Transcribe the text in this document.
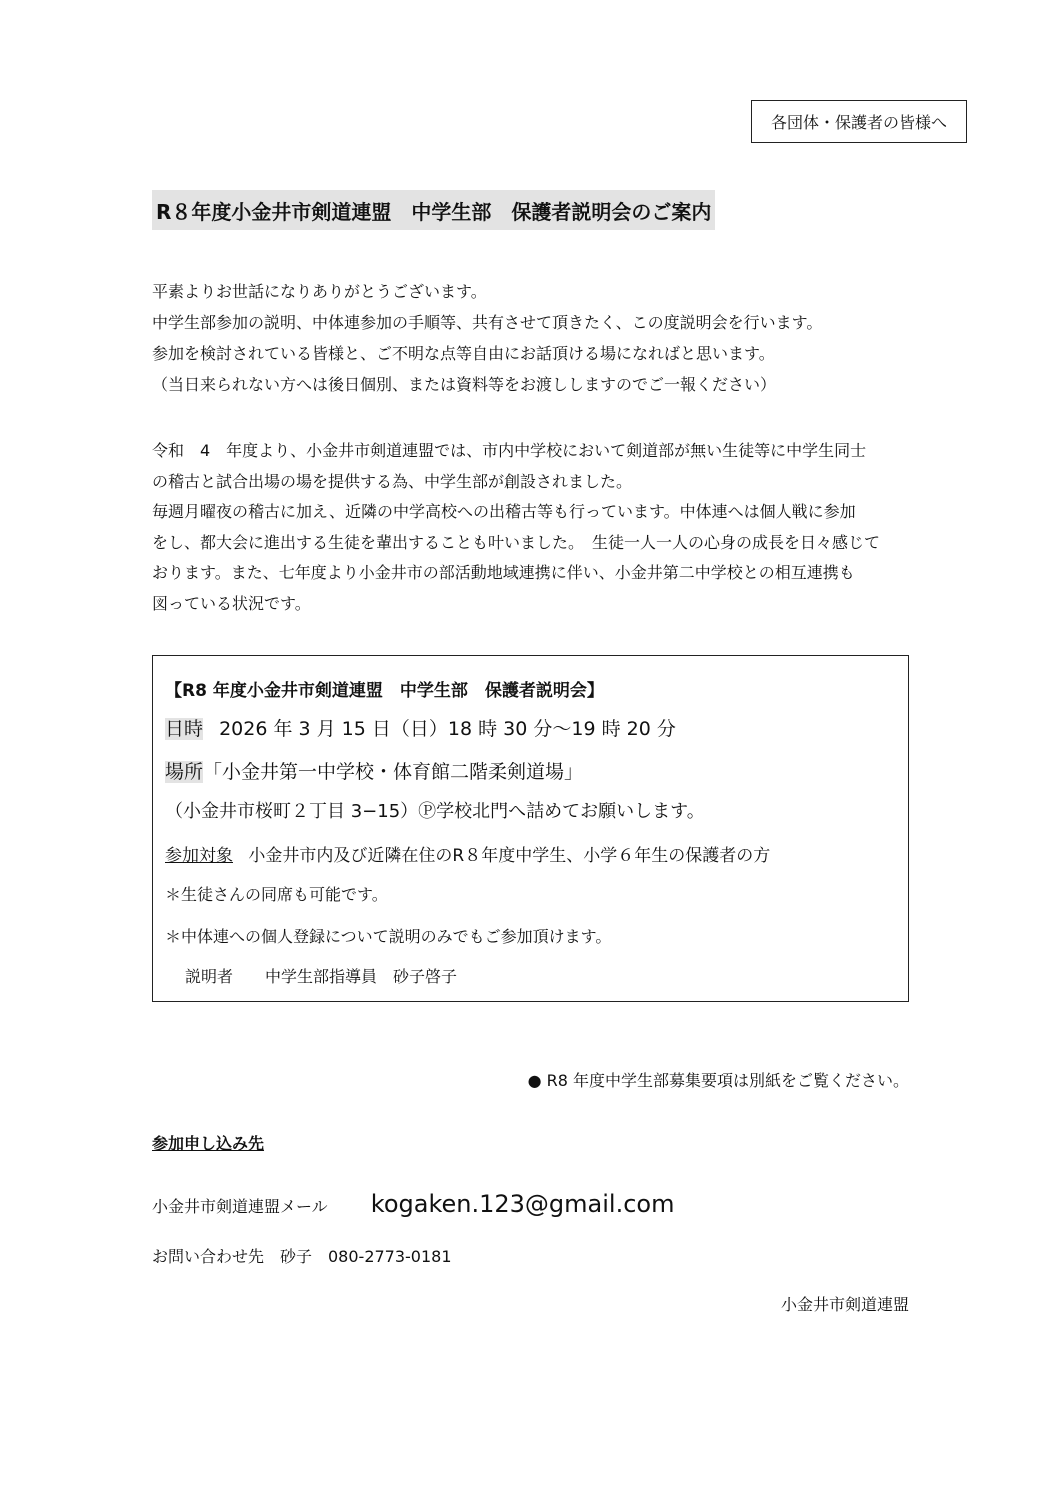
各団体・保護者の皆様へ
R８年度小金井市剣道連盟　中学生部　保護者説明会のご案内

平素よりお世話になりありがとうございます。

中学生部参加の説明、中体連参加の手順等、共有させて頂きたく、この度説明会を行います。

参加を検討されている皆様と、ご不明な点等自由にお話頂ける場になればと思います。

（当日来られない方へは後日個別、または資料等をお渡ししますのでご一報ください）

令和　4　年度より、小金井市剣道連盟では、市内中学校において剣道部が無い生徒等に中学生同士

の稽古と試合出場の場を提供する為、中学生部が創設されました。

毎週月曜夜の稽古に加え、近隣の中学高校への出稽古等も行っています。中体連へは個人戦に参加

をし、都大会に進出する生徒を輩出することも叶いました。　生徒一人一人の心身の成長を日々感じて

おります。また、七年度より小金井市の部活動地域連携に伴い、小金井第二中学校との相互連携も

図っている状況です。

【R8 年度小金井市剣道連盟　中学生部　保護者説明会】
日時 2026 年 3 月 15 日（日）18 時 30 分～19 時 20 分
場所「小金井第一中学校・体育館二階柔剣道場」
（小金井市桜町２丁目 3−15）Ⓟ学校北門へ詰めてお願いします。
参加対象 小金井市内及び近隣在住のR８年度中学生、小学６年生の保護者の方
＊生徒さんの同席も可能です。
＊中体連への個人登録について説明のみでもご参加頂けます。
説明者　　中学生部指導員　砂子啓子
● R8 年度中学生部募集要項は別紙をご覧ください。
参加申し込み先
小金井市剣道連盟メール kogaken.123@gmail.com
お問い合わせ先　砂子　080-2773-0181
小金井市剣道連盟
